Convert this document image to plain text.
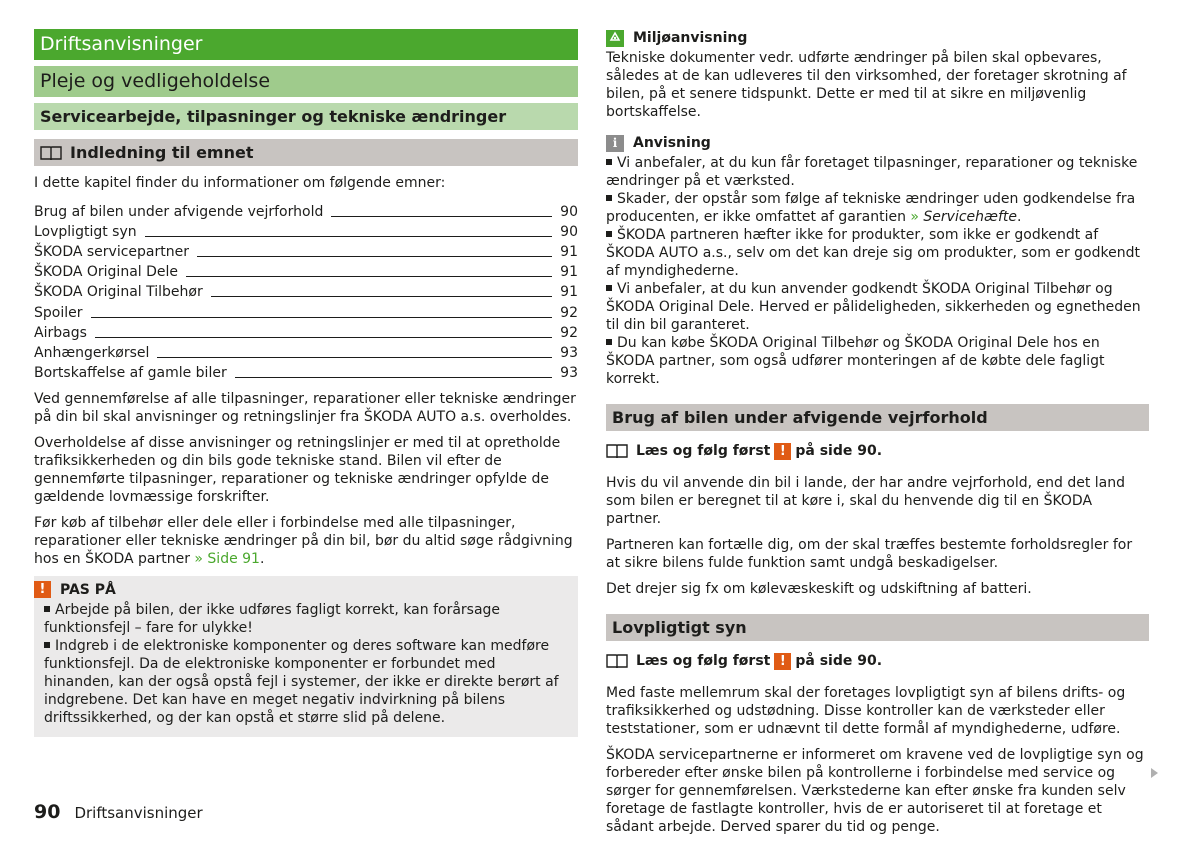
Driftsanvisninger
Pleje og vedligeholdelse
Servicearbejde, tilpasninger og tekniske ændringer
Indledning til emnet

I dette kapitel finder du informationer om følgende emner:

Brug af bilen under afvigende vejrforhold	90
Lovpligtigt syn	90
ŠKODA servicepartner	91
ŠKODA Original Dele	91
ŠKODA Original Tilbehør	91
Spoiler	92
Airbags	92
Anhængerkørsel	93
Bortskaffelse af gamle biler	93

Ved gennemførelse af alle tilpasninger, reparationer eller tekniske ændringer på din bil skal anvisninger og retningslinjer fra ŠKODA AUTO a.s. overholdes.

Overholdelse af disse anvisninger og retningslinjer er med til at opretholde trafiksikkerheden og din bils gode tekniske stand. Bilen vil efter de gennemførte tilpasninger, reparationer og tekniske ændringer opfylde de gældende lovmæssige forskrifter.

Før køb af tilbehør eller dele eller i forbindelse med alle tilpasninger, reparationer eller tekniske ændringer på din bil, bør du altid søge rådgivning hos en ŠKODA partner » Side 91.

!	PAS PÅ

Arbejde på bilen, der ikke udføres fagligt korrekt, kan forårsage funktionsfejl – fare for ulykke!

Indgreb i de elektroniske komponenter og deres software kan medføre funktionsfejl. Da de elektroniske komponenter er forbundet med hinanden, kan der også opstå fejl i systemer, der ikke er direkte berørt af indgrebene. Det kan have en meget negativ indvirkning på bilens driftssikkerhed, og der kan opstå et større slid på delene.

Miljøanvisning

Tekniske dokumenter vedr. udførte ændringer på bilen skal opbevares, således at de kan udleveres til den virksomhed, der foretager skrotning af bilen, på et senere tidspunkt. Dette er med til at sikre en miljøvenlig bortskaffelse.

i	Anvisning

Vi anbefaler, at du kun får foretaget tilpasninger, reparationer og tekniske ændringer på et værksted.

Skader, der opstår som følge af tekniske ændringer uden godkendelse fra producenten, er ikke omfattet af garantien » Servicehæfte.

ŠKODA partneren hæfter ikke for produkter, som ikke er godkendt af ŠKODA AUTO a.s., selv om det kan dreje sig om produkter, som er godkendt af myndighederne.

Vi anbefaler, at du kun anvender godkendt ŠKODA Original Tilbehør og ŠKODA Original Dele. Herved er pålideligheden, sikkerheden og egnetheden til din bil garanteret.

Du kan købe ŠKODA Original Tilbehør og ŠKODA Original Dele hos en ŠKODA partner, som også udfører monteringen af de købte dele fagligt korrekt.

Brug af bilen under afvigende vejrforhold
Læs og følg først ! på side 90.

Hvis du vil anvende din bil i lande, der har andre vejrforhold, end det land som bilen er beregnet til at køre i, skal du henvende dig til en ŠKODA partner.

Partneren kan fortælle dig, om der skal træffes bestemte forholdsregler for at sikre bilens fulde funktion samt undgå beskadigelser.

Det drejer sig fx om kølevæskeskift og udskiftning af batteri.

Lovpligtigt syn
Læs og følg først ! på side 90.

Med faste mellemrum skal der foretages lovpligtigt syn af bilens drifts- og trafiksikkerhed og udstødning. Disse kontroller kan de værksteder eller teststationer, som er udnævnt til dette formål af myndighederne, udføre.

ŠKODA servicepartnerne er informeret om kravene ved de lovpligtige syn og forbereder efter ønske bilen på kontrollerne i forbindelse med service og sørger for gennemførelsen. Værkstederne kan efter ønske fra kunden selv foretage de fastlagte kontroller, hvis de er autoriseret til at foretage et sådant arbejde. Derved sparer du tid og penge.

90 Driftsanvisninger
